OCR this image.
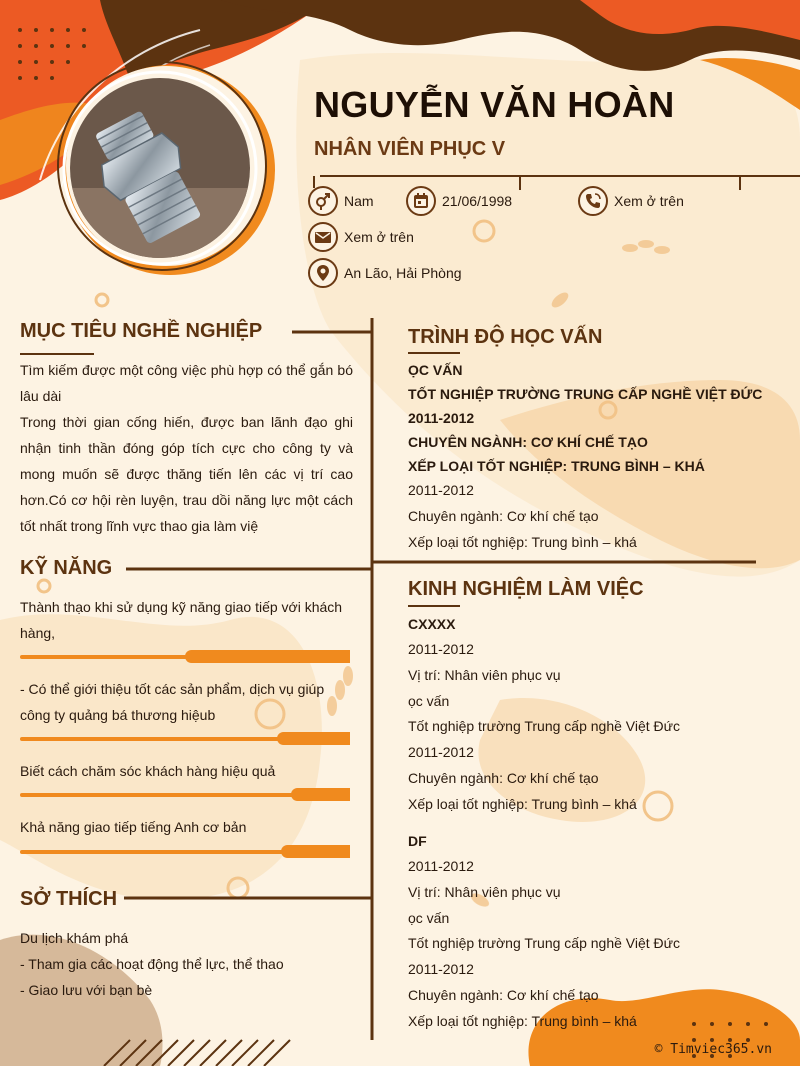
NGUYỄN VĂN HOÀN
NHÂN VIÊN PHỤC V
Nam	21/06/1998	Xem ở trên
Xem ở trên
An Lão, Hải Phòng
MỤC TIÊU NGHỀ NGHIỆP
Tìm kiếm được một công việc phù hợp có thể gắn bó lâu dài
Trong thời gian cống hiến, được ban lãnh đạo ghi nhận tinh thần đóng góp tích cực cho công ty và mong muốn sẽ được thăng tiến lên các vị trí cao hơn.Có cơ hội rèn luyện, trau dồi năng lực một cách tốt nhất trong lĩnh vực thao gia làm việ
KỸ NĂNG
Thành thạo khi sử dụng kỹ năng giao tiếp với khách hàng,
- Có thể giới thiệu tốt các sản phẩm, dịch vụ giúp công ty quảng bá thương hiệub
Biết cách chăm sóc khách hàng hiệu quả
Khả năng giao tiếp tiếng Anh cơ bản
SỞ THÍCH
Du lịch khám phá
- Tham gia các hoạt động thể lực, thể thao
- Giao lưu với bạn bè
TRÌNH ĐỘ HỌC VẤN
ỌC VẤN
TỐT NGHIỆP TRƯỜNG TRUNG CẤP NGHỀ VIỆT ĐỨC
2011-2012
CHUYÊN NGÀNH: CƠ KHÍ CHẾ TẠO
XẾP LOẠI TỐT NGHIỆP: TRUNG BÌNH – KHÁ
2011-2012
Chuyên ngành: Cơ khí chế tạo
Xếp loại tốt nghiệp: Trung bình – khá
KINH NGHIỆM LÀM VIỆC
CXXXX
2011-2012
Vị trí: Nhân viên phục vụ
ọc vấn
Tốt nghiệp trường Trung cấp nghề Việt Đức
2011-2012
Chuyên ngành: Cơ khí chế tạo
Xếp loại tốt nghiệp: Trung bình – khá
DF
2011-2012
Vị trí: Nhân viên phục vụ
ọc vấn
Tốt nghiệp trường Trung cấp nghề Việt Đức
2011-2012
Chuyên ngành: Cơ khí chế tạo
Xếp loại tốt nghiệp: Trung bình – khá
© Timviec365.vn
